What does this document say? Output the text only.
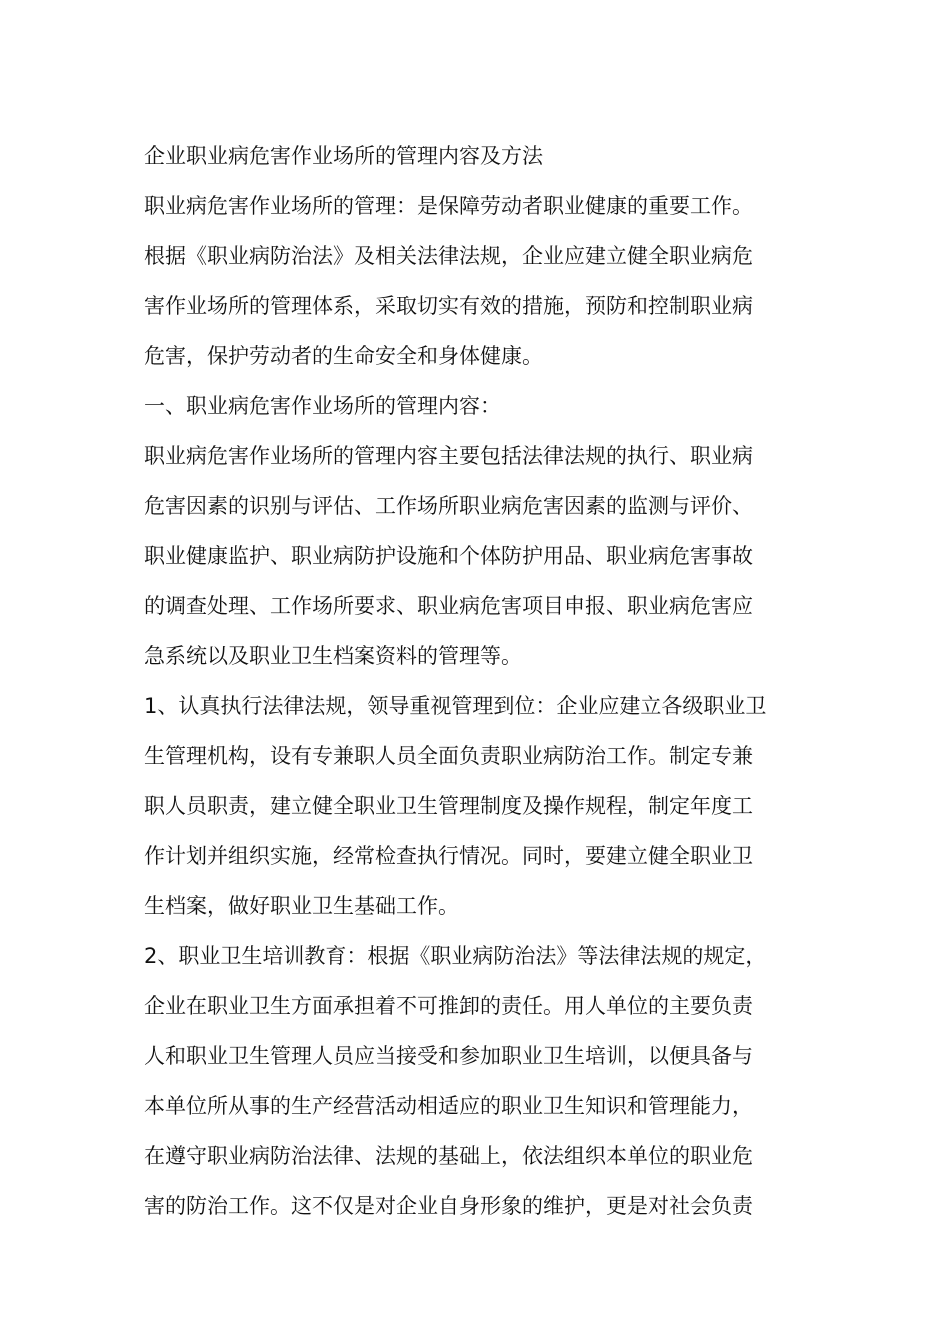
企业职业病危害作业场所的管理内容及方法

职业病危害作业场所的管理：是保障劳动者职业健康的重要工作。

根据《职业病防治法》及相关法律法规，企业应建立健全职业病危

害作业场所的管理体系，采取切实有效的措施，预防和控制职业病

危害，保护劳动者的生命安全和身体健康。

一、职业病危害作业场所的管理内容：

职业病危害作业场所的管理内容主要包括法律法规的执行、职业病

危害因素的识别与评估、工作场所职业病危害因素的监测与评价、

职业健康监护、职业病防护设施和个体防护用品、职业病危害事故

的调查处理、工作场所要求、职业病危害项目申报、职业病危害应

急系统以及职业卫生档案资料的管理等。

1、认真执行法律法规，领导重视管理到位：企业应建立各级职业卫

生管理机构，设有专兼职人员全面负责职业病防治工作。制定专兼

职人员职责，建立健全职业卫生管理制度及操作规程，制定年度工

作计划并组织实施，经常检查执行情况。同时，要建立健全职业卫

生档案，做好职业卫生基础工作。

2、职业卫生培训教育：根据《职业病防治法》等法律法规的规定，

企业在职业卫生方面承担着不可推卸的责任。用人单位的主要负责

人和职业卫生管理人员应当接受和参加职业卫生培训，以便具备与

本单位所从事的生产经营活动相适应的职业卫生知识和管理能力，

在遵守职业病防治法律、法规的基础上，依法组织本单位的职业危

害的防治工作。这不仅是对企业自身形象的维护，更是对社会负责
